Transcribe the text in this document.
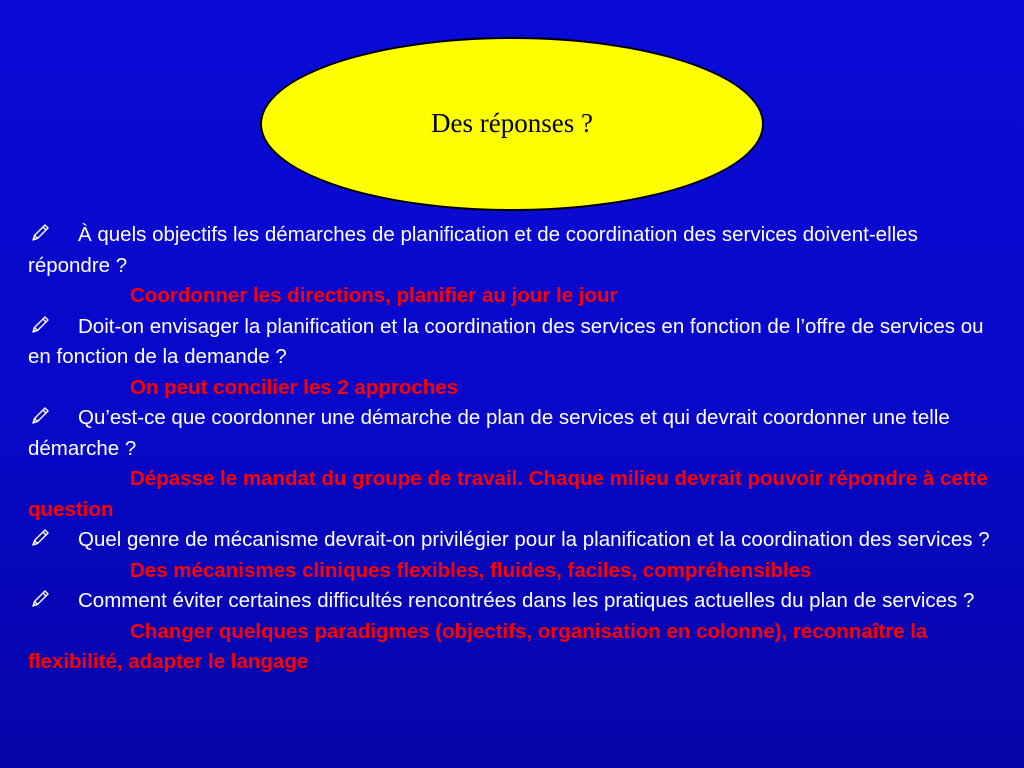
Des réponses ?

À quels objectifs les démarches de planification et de coordination des services doivent-elles répondre ?

Coordonner les directions, planifier au jour le jour

Doit-on envisager la planification et la coordination des services en fonction de l’offre de services ou en fonction de la demande ?

On peut concilier les 2 approches

Qu’est-ce que coordonner une démarche de plan de services et qui devrait coordonner une telle démarche ?

Dépasse le mandat du groupe de travail. Chaque milieu devrait pouvoir répondre à cette question

Quel genre de mécanisme devrait-on privilégier pour la planification et la coordination des services ?

Des mécanismes cliniques flexibles, fluides, faciles, compréhensibles

Comment éviter certaines difficultés rencontrées dans les pratiques actuelles du plan de services ?

Changer quelques paradigmes (objectifs, organisation en colonne), reconnaître la flexibilité, adapter le langage
